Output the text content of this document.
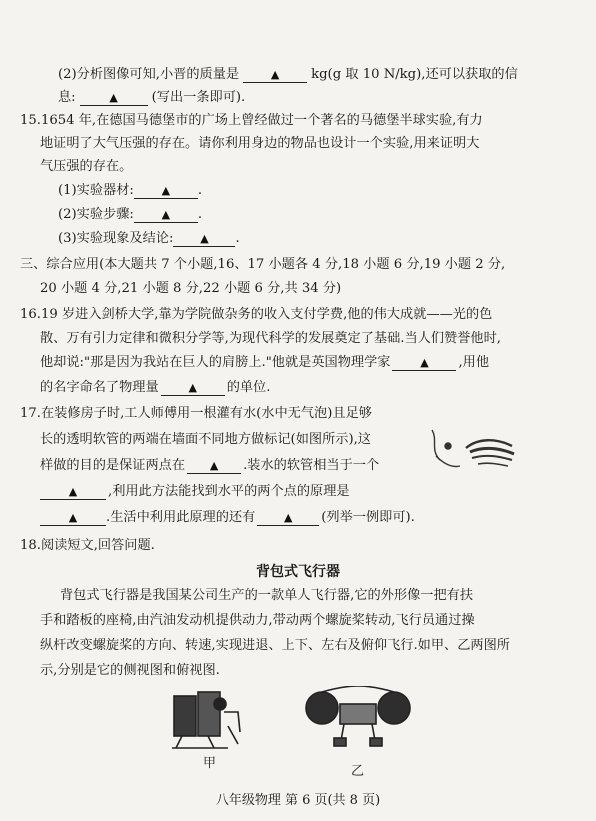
(2)分析图像可知,小晋的质量是	▲ kg(g 取 10 N/kg),还可以获取的信
息:	▲	(写出一条即可).
15.1654 年,在德国马德堡市的广场上曾经做过一个著名的马德堡半球实验,有力
地证明了大气压强的存在。请你利用身边的物品也设计一个实验,用来证明大
气压强的存在。
(1)实验器材:	▲ .
(2)实验步骤:	▲ .
(3)实验现象及结论: ▲ .
三、综合应用(本大题共 7 个小题,16、17 小题各 4 分,18 小题 6 分,19 小题 2 分,
20 小题 4 分,21 小题 8 分,22 小题 6 分,共 34 分)
16.19 岁进入剑桥大学,靠为学院做杂务的收入支付学费,他的伟大成就——光的色
散、万有引力定律和微积分学等,为现代科学的发展奠定了基础.当人们赞誉他时,
他却说:"那是因为我站在巨人的肩膀上."他就是英国物理学家	▲ ,用他
的名字命名了物理量	▲ 的单位.
17.在装修房子时,工人师傅用一根灌有水(水中无气泡)且足够
长的透明软管的两端在墙面不同地方做标记(如图所示),这
样做的目的是保证两点在 ▲ .装水的软管相当于一个
▲ ,利用此方法能找到水平的两个点的原理是
▲ .生活中利用此原理的还有	▲ (列举一例即可).
18.阅读短文,回答问题.
背包式飞行器
背包式飞行器是我国某公司生产的一款单人飞行器,它的外形像一把有扶
手和踏板的座椅,由汽油发动机提供动力,带动两个螺旋桨转动,飞行员通过操
纵杆改变螺旋桨的方向、转速,实现进退、上下、左右及俯仰飞行.如甲、乙两图所
示,分别是它的侧视图和俯视图.
甲
乙
八年级物理 第 6 页(共 8 页)
